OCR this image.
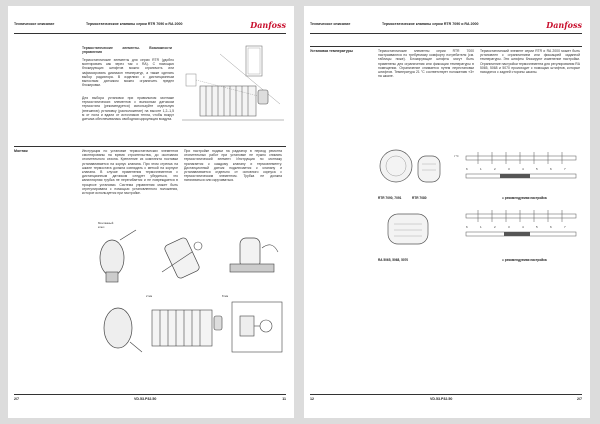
Техническое описание	Термостатические клапаны серии RTR 7090 и RA 2000	Danfoss
Термостатические элементы. Возможности управления
Термостатические элементы для серии RTR (удобно монтировать как через так с RA). С помощью блокирующих штифтов можно ограничить или зафиксировать диапазон температур, а также сделать выбор радиатора. В изделиях с дистанционным выносным датчиком можно ограничить предел блокировки.
Для выбора установки при правильном монтаже термостатических элементов с выносным датчиком термостата (рекомендуется) используйте отдельную (внешнюю) установку (расположение) на высоте 1,2–1,5 м от пола и вдали от источников тепла, чтобы вокруг датчика обеспечивалась свободная циркуляция воздуха.
Монтаж	Инструкция по установке термостатических элементов смонтированы на время строительства, до окончания отопительного сезона. Крепление из комплекта поставки устанавливается на корпус клапана. При этом стрелка на шкале термостата должна совпадать с меткой на корпусе клапана. В случае применения термоэлементов с дистанционным датчиком следует убедиться, что капиллярная трубка не перегибается и не повреждается в процессе установки. Система управления может быть отрегулирована с помощью установленного положения, которое используется при настройке.
При настройке подачи на радиатор в период ремонта отопительных работ при установке не нужно снимать термостатический элемент. Инструкция по монтажу прилагается к каждому клапану и термоэлементу. Дистанционный датчик подключается к клапану и устанавливается отдельно от основного корпуса с термостатическим элементом. Трубка не должна натягиваться или скручиваться.
Монтажный
ключ
2 мм	8 мм
2/7	VD.53.P32.50	11
Техническое описание	Термостатические клапаны серии RTR 7090 и RA 2000	Danfoss
Установка температуры	Термостатические элементы серии RTR 7000 настраиваются по требуемому комфорту потребителя (см. таблицы ниже). Блокирующие штифты могут быть применены для ограничения или фиксации температуры в помещении. Ограничение снимается путем перестановки штифтов. Температура 21 °C соответствует положению «3» на шкале.
Термостатический элемент серии RTR и RA 2000 может быть установлен с ограничением или фиксацией заданной температуры. Эти штифты блокируют изменение настройки. Ограничение настройки термоэлемента для регулирования RA 5065, 5068 и 5070 происходит с помощью штифтов, которые находятся с задней стороны шкалы.
RTR 7090, 7091	RTR 7080
t °C
6	1	2	3	4	5	6	7
= рекомендуемая настройка
RA 5065, 5068, 5070
6	1	2	3	4	5	6	7
= рекомендуемая настройка
12	VD.53.P32.50	2/7
